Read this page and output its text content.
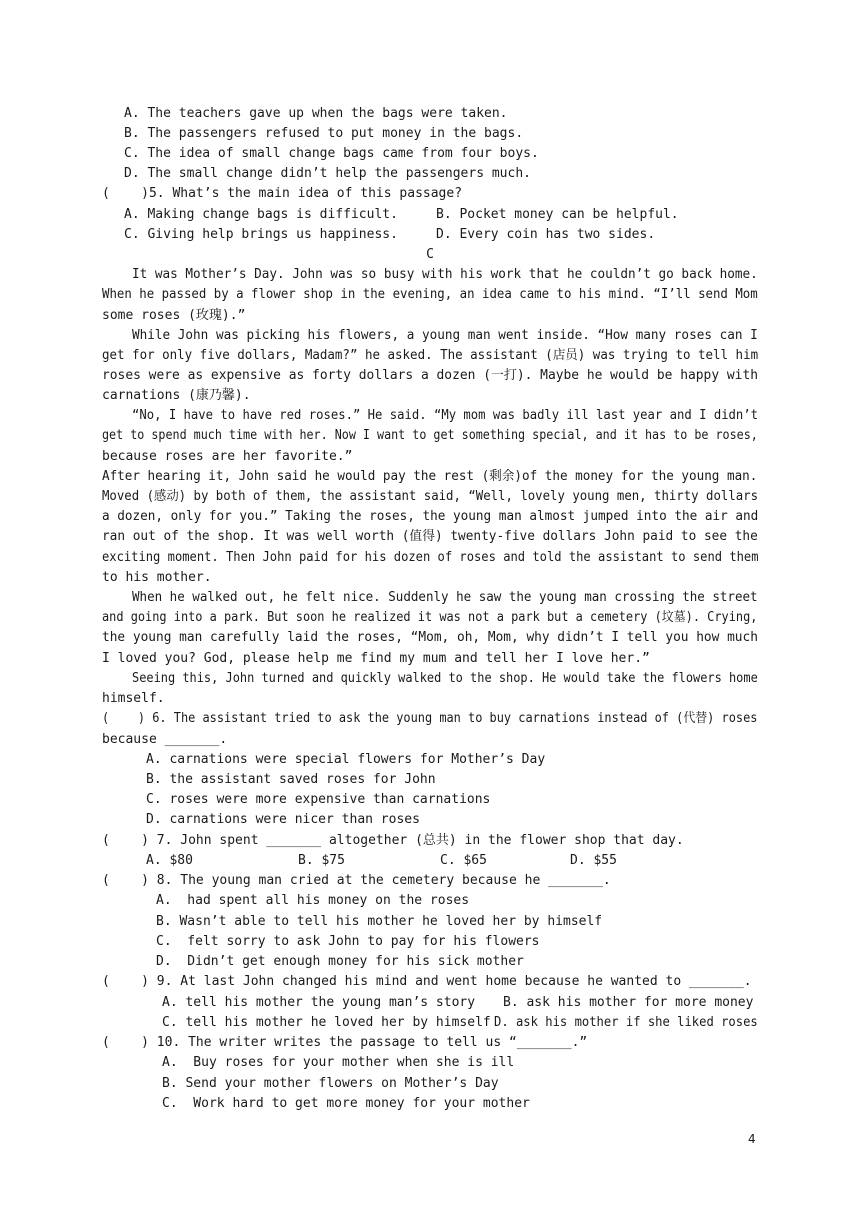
A. The teachers gave up when the bags were taken.
B. The passengers refused to put money in the bags.
C. The idea of small change bags came from four boys.
D. The small change didn’t help the passengers much.
(    )5. What’s the main idea of this passage?
A. Making change bags is difficult.	B. Pocket money can be helpful.
C. Giving help brings us happiness.	D. Every coin has two sides.
C
It was Mother’s Day. John was so busy with his work that he couldn’t go back home.
When he passed by a flower shop in the evening, an idea came to his mind. “I’ll send Mom
some roses (玫瑰).”
While John was picking his flowers, a young man went inside. “How many roses can I
get for only five dollars, Madam?” he asked. The assistant (店员) was trying to tell him
roses were as expensive as forty dollars a dozen (一打). Maybe he would be happy with
carnations (康乃馨).
“No, I have to have red roses.” He said. “My mom was badly ill last year and I didn’t
get to spend much time with her. Now I want to get something special, and it has to be roses,
because roses are her favorite.”
After hearing it, John said he would pay the rest (剩余)of the money for the young man.
Moved (感动) by both of them, the assistant said, “Well, lovely young men, thirty dollars
a dozen, only for you.” Taking the roses, the young man almost jumped into the air and
ran out of the shop. It was well worth (值得) twenty-five dollars John paid to see the
exciting moment. Then John paid for his dozen of roses and told the assistant to send them
to his mother.
When he walked out, he felt nice. Suddenly he saw the young man crossing the street
and going into a park. But soon he realized it was not a park but a cemetery (坟墓). Crying,
the young man carefully laid the roses, “Mom, oh, Mom, why didn’t I tell you how much
I loved you? God, please help me find my mum and tell her I love her.”
Seeing this, John turned and quickly walked to the shop. He would take the flowers home
himself.
(    ) 6. The assistant tried to ask the young man to buy carnations instead of (代替) roses
because _______.
A. carnations were special flowers for Mother’s Day
B. the assistant saved roses for John
C. roses were more expensive than carnations
D. carnations were nicer than roses
(    ) 7. John spent _______ altogether (总共) in the flower shop that day.
A. $80	B. $75	C. $65	D. $55
(    ) 8. The young man cried at the cemetery because he _______.
A.  had spent all his money on the roses
B. Wasn’t able to tell his mother he loved her by himself
C.  felt sorry to ask John to pay for his flowers
D.  Didn’t get enough money for his sick mother
(    ) 9. At last John changed his mind and went home because he wanted to _______.
A. tell his mother the young man’s story B. ask his mother for more money
C. tell his mother he loved her by himself D. ask his mother if she liked roses
(    ) 10. The writer writes the passage to tell us “_______.”
A.  Buy roses for your mother when she is ill
B. Send your mother flowers on Mother’s Day
C.  Work hard to get more money for your mother
4
